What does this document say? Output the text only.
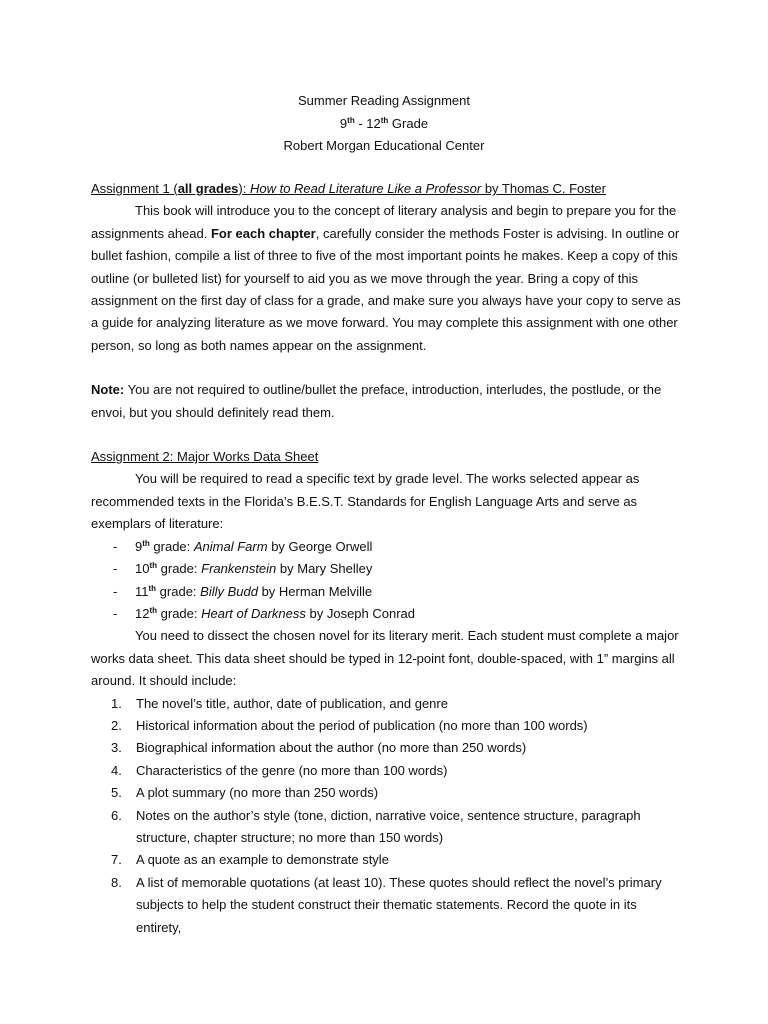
Summer Reading Assignment
9th - 12th Grade
Robert Morgan Educational Center

Assignment 1 (all grades): How to Read Literature Like a Professor by Thomas C. Foster

This book will introduce you to the concept of literary analysis and begin to prepare you for the assignments ahead. For each chapter, carefully consider the methods Foster is advising. In outline or bullet fashion, compile a list of three to five of the most important points he makes. Keep a copy of this outline (or bulleted list) for yourself to aid you as we move through the year. Bring a copy of this assignment on the first day of class for a grade, and make sure you always have your copy to serve as a guide for analyzing literature as we move forward. You may complete this assignment with one other person, so long as both names appear on the assignment.

Note: You are not required to outline/bullet the preface, introduction, interludes, the postlude, or the envoi, but you should definitely read them.

Assignment 2: Major Works Data Sheet

You will be required to read a specific text by grade level. The works selected appear as recommended texts in the Florida’s B.E.S.T. Standards for English Language Arts and serve as exemplars of literature:

- 9th grade: Animal Farm by George Orwell
- 10th grade: Frankenstein by Mary Shelley
- 11th grade: Billy Budd by Herman Melville
- 12th grade: Heart of Darkness by Joseph Conrad

You need to dissect the chosen novel for its literary merit. Each student must complete a major works data sheet. This data sheet should be typed in 12-point font, double-spaced, with 1” margins all around. It should include:

1. The novel’s title, author, date of publication, and genre
2. Historical information about the period of publication (no more than 100 words)
3. Biographical information about the author (no more than 250 words)
4. Characteristics of the genre (no more than 100 words)
5. A plot summary (no more than 250 words)
6. Notes on the author’s style (tone, diction, narrative voice, sentence structure, paragraph structure, chapter structure; no more than 150 words)
7. A quote as an example to demonstrate style
8. A list of memorable quotations (at least 10). These quotes should reflect the novel’s primary subjects to help the student construct their thematic statements. Record the quote in its entirety,
